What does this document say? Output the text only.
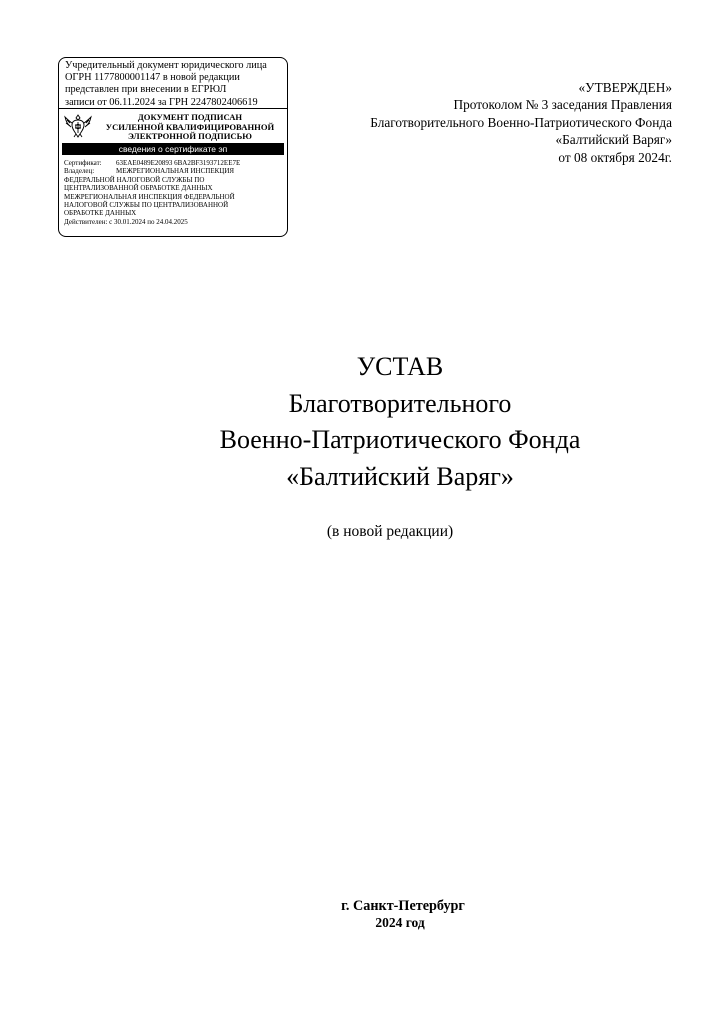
Учредительный документ юридического лица
ОГРН 1177800001147 в новой редакции
представлен при внесении в ЕГРЮЛ
записи от 06.11.2024 за ГРН 2247802406619
ДОКУМЕНТ ПОДПИСАН
УСИЛЕННОЙ КВАЛИФИЦИРОВАННОЙ
ЭЛЕКТРОННОЙ ПОДПИСЬЮ
сведения о сертификате эп
Сертификат:	63EAE0489E20893 6BA2BF3193712EE7E
Владелец:	МЕЖРЕГИОНАЛЬНАЯ ИНСПЕКЦИЯ
ФЕДЕРАЛЬНОЙ НАЛОГОВОЙ СЛУЖБЫ ПО
ЦЕНТРАЛИЗОВАННОЙ ОБРАБОТКЕ ДАННЫХ
МЕЖРЕГИОНАЛЬНАЯ ИНСПЕКЦИЯ ФЕДЕРАЛЬНОЙ
НАЛОГОВОЙ СЛУЖБЫ ПО ЦЕНТРАЛИЗОВАННОЙ
ОБРАБОТКЕ ДАННЫХ
Действителен:
с 30.01.2024 по 24.04.2025
«УТВЕРЖДЕН»
Протоколом № 3 заседания Правления
Благотворительного Военно-Патриотического Фонда
«Балтийский Варяг»
от 08 октября 2024г.
УСТАВ
Благотворительного
Военно-Патриотического Фонда
«Балтийский Варяг»
(в новой редакции)
г. Санкт-Петербург
2024 год
